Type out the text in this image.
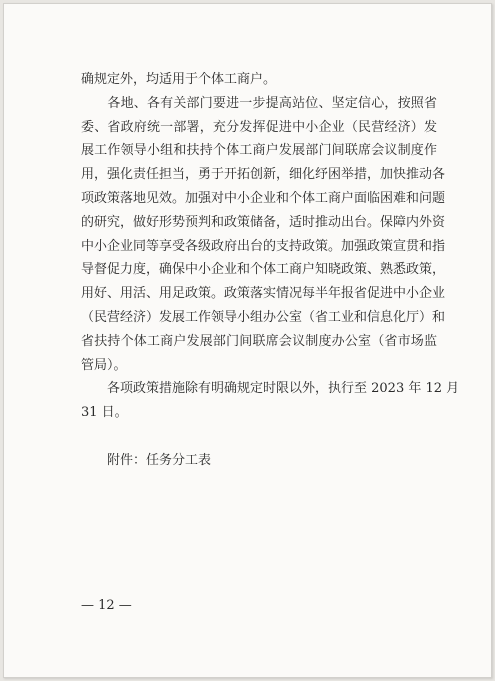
确规定外，均适用于个体工商户。
　　各地、各有关部门要进一步提高站位、坚定信心，按照省
委、省政府统一部署，充分发挥促进中小企业（民营经济）发
展工作领导小组和扶持个体工商户发展部门间联席会议制度作
用，强化责任担当，勇于开拓创新，细化纾困举措，加快推动各
项政策落地见效。加强对中小企业和个体工商户面临困难和问题
的研究，做好形势预判和政策储备，适时推动出台。保障内外资
中小企业同等享受各级政府出台的支持政策。加强政策宣贯和指
导督促力度，确保中小企业和个体工商户知晓政策、熟悉政策，
用好、用活、用足政策。政策落实情况每半年报省促进中小企业
（民营经济）发展工作领导小组办公室（省工业和信息化厅）和
省扶持个体工商户发展部门间联席会议制度办公室（省市场监
管局）。
　　各项政策措施除有明确规定时限以外，执行至 2023 年 12 月
31 日。
　　附件：任务分工表
— 12 —
